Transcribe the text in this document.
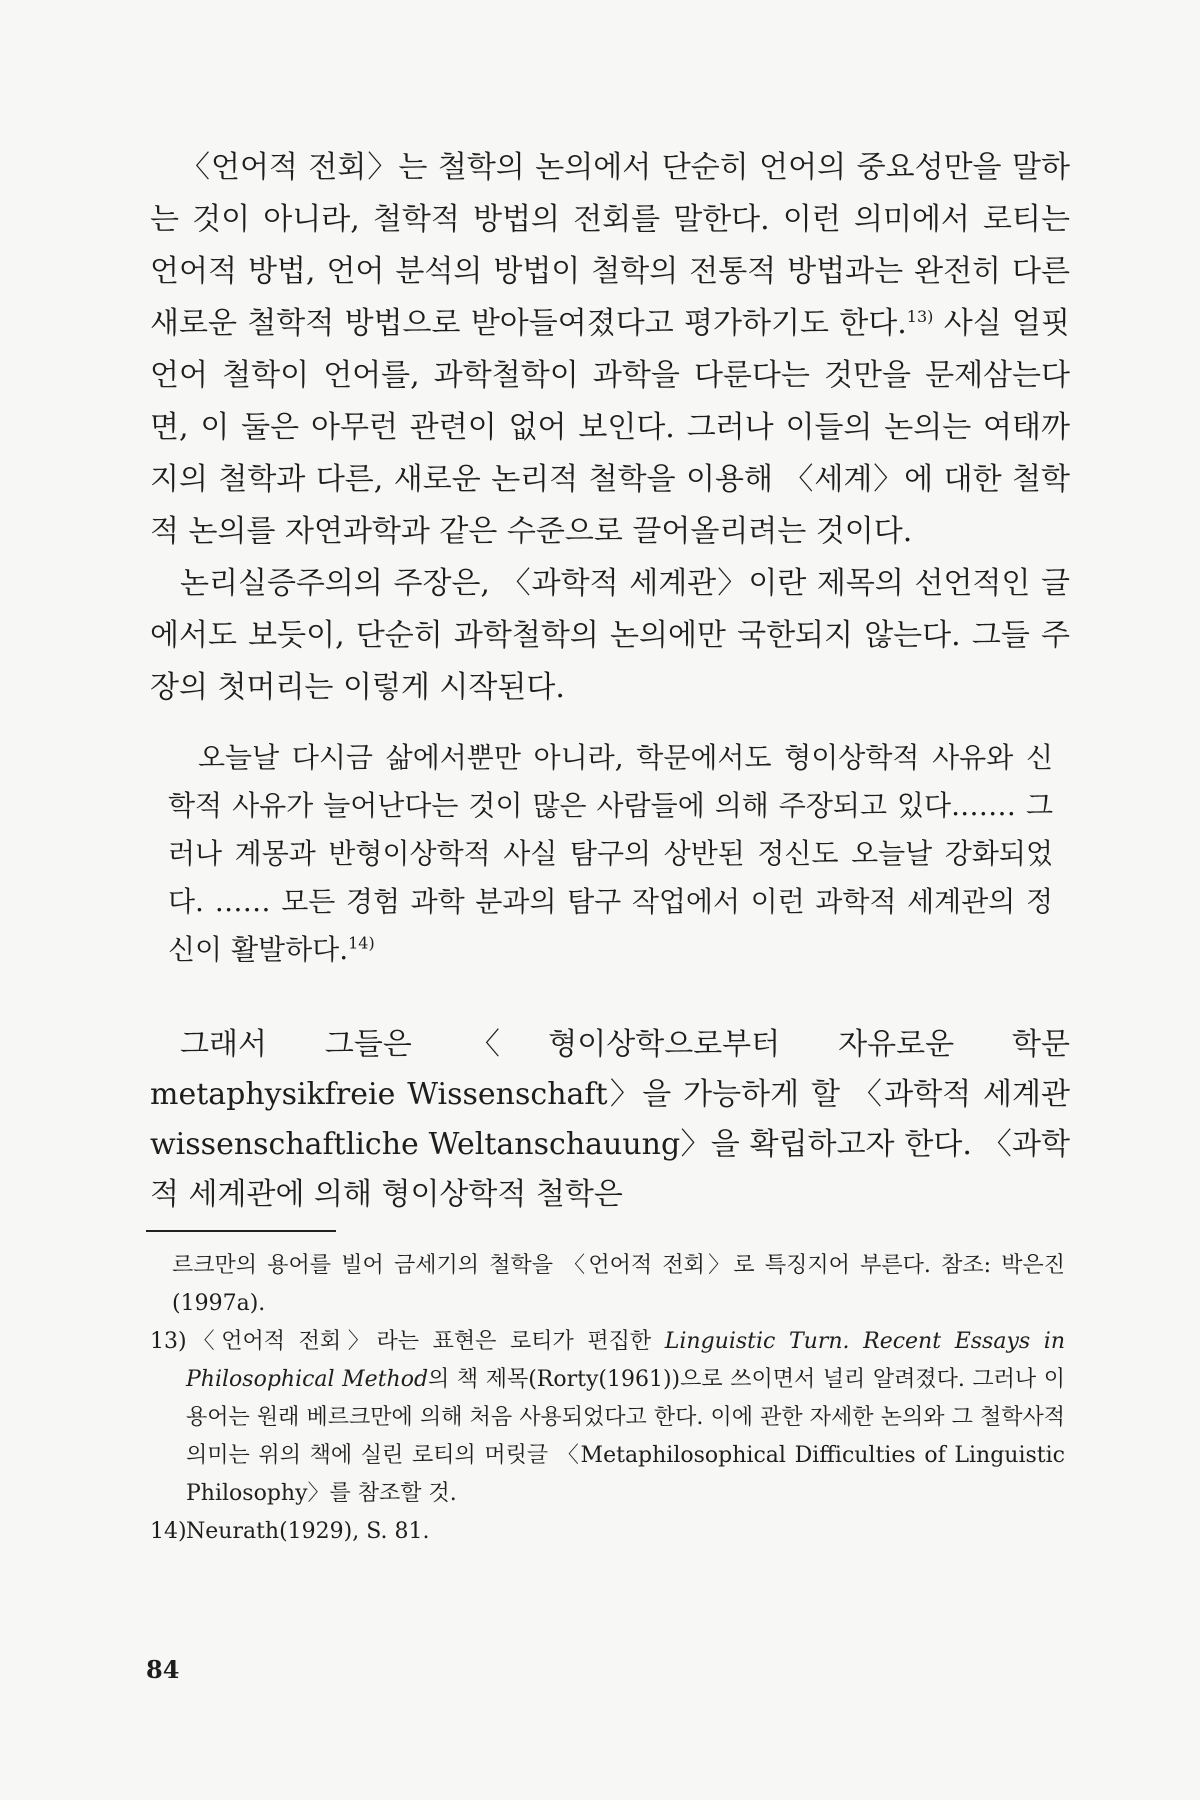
〈언어적 전회〉는 철학의 논의에서 단순히 언어의 중요성만을 말하는 것이 아니라, 철학적 방법의 전회를 말한다. 이런 의미에서 로티는 언어적 방법, 언어 분석의 방법이 철학의 전통적 방법과는 완전히 다른 새로운 철학적 방법으로 받아들여졌다고 평가하기도 한다.$^{13)}$ 사실 얼핏 언어 철학이 언어를, 과학철학이 과학을 다룬다는 것만을 문제삼는다면, 이 둘은 아무런 관련이 없어 보인다. 그러나 이들의 논의는 여태까지의 철학과 다른, 새로운 논리적 철학을 이용해 〈세계〉에 대한 철학적 논의를 자연과학과 같은 수준으로 끌어올리려는 것이다.

논리실증주의의 주장은, 〈과학적 세계관〉이란 제목의 선언적인 글에서도 보듯이, 단순히 과학철학의 논의에만 국한되지 않는다. 그들 주장의 첫머리는 이렇게 시작된다.

오늘날 다시금 삶에서뿐만 아니라, 학문에서도 형이상학적 사유와 신학적 사유가 늘어난다는 것이 많은 사람들에 의해 주장되고 있다.…… 그러나 계몽과 반형이상학적 사실 탐구의 상반된 정신도 오늘날 강화되었다. …… 모든 경험 과학 분과의 탐구 작업에서 이런 과학적 세계관의 정신이 활발하다.$^{14)}$

그래서 그들은 〈형이상학으로부터 자유로운 학문metaphysikfreie Wissenschaft〉을 가능하게 할 〈과학적 세계관 wissenschaftliche Weltanschauung〉을 확립하고자 한다. 〈과학적 세계관에 의해 형이상학적 철학은

르크만의 용어를 빌어 금세기의 철학을 〈언어적 전회〉로 특징지어 부른다. 참조: 박은진(1997a).

13)〈언어적 전회〉라는 표현은 로티가 편집한 Linguistic Turn. Recent Essays in Philosophical Method의 책 제목(Rorty(1961))으로 쓰이면서 널리 알려졌다. 그러나 이 용어는 원래 베르크만에 의해 처음 사용되었다고 한다. 이에 관한 자세한 논의와 그 철학사적 의미는 위의 책에 실린 로티의 머릿글 〈Metaphilosophical Difficulties of Linguistic Philosophy〉를 참조할 것.

14)Neurath(1929), S. 81.

84
